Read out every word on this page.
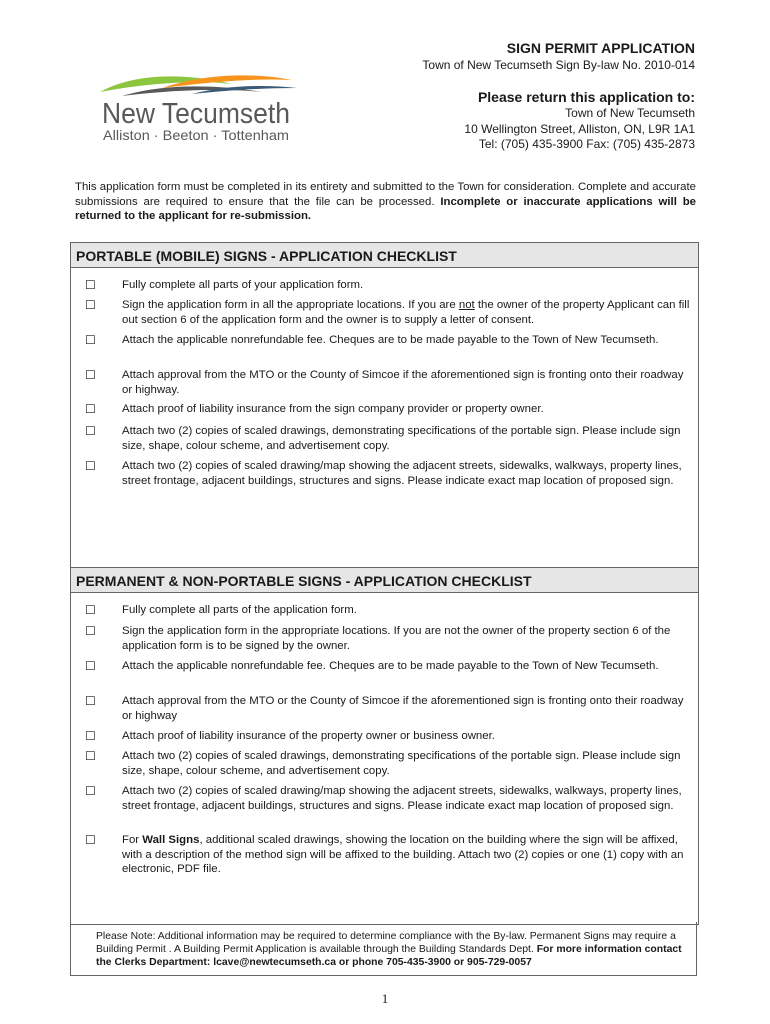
New Tecumseth
Alliston · Beeton · Tottenham
SIGN PERMIT APPLICATION
Town of New Tecumseth Sign By-law No. 2010-014
Please return this application to:
Town of New Tecumseth
10 Wellington Street, Alliston, ON, L9R 1A1
Tel: (705) 435-3900 Fax: (705) 435-2873
This application form must be completed in its entirety and submitted to the Town for consideration. Complete and accurate submissions are required to ensure that the file can be processed. Incomplete or inaccurate applications will be returned to the applicant for re-submission.
PORTABLE (MOBILE) SIGNS - APPLICATION CHECKLIST
☐ Fully complete all parts of your application form.
☐ Sign the application form in all the appropriate locations. If you are not the owner of the property Applicant can fill out section 6 of the application form and the owner is to supply a letter of consent.
☐ Attach the applicable nonrefundable fee. Cheques are to be made payable to the Town of New Tecumseth.
☐ Attach approval from the MTO or the County of Simcoe if the aforementioned sign is fronting onto their roadway or highway.
☐ Attach proof of liability insurance from the sign company provider or property owner.
☐ Attach two (2) copies of scaled drawings, demonstrating specifications of the portable sign. Please include sign size, shape, colour scheme, and advertisement copy.
☐ Attach two (2) copies of scaled drawing/map showing the adjacent streets, sidewalks, walkways, property lines, street frontage, adjacent buildings, structures and signs. Please indicate exact map location of proposed sign.
PERMANENT & NON-PORTABLE SIGNS - APPLICATION CHECKLIST
☐ Fully complete all parts of the application form.
☐ Sign the application form in the appropriate locations. If you are not the owner of the property section 6 of the application form is to be signed by the owner.
☐ Attach the applicable nonrefundable fee. Cheques are to be made payable to the Town of New Tecumseth.
☐ Attach approval from the MTO or the County of Simcoe if the aforementioned sign is fronting onto their roadway or highway
☐ Attach proof of liability insurance of the property owner or business owner.
☐ Attach two (2) copies of scaled drawings, demonstrating specifications of the portable sign. Please include sign size, shape, colour scheme, and advertisement copy.
☐ Attach two (2) copies of scaled drawing/map showing the adjacent streets, sidewalks, walkways, property lines, street frontage, adjacent buildings, structures and signs. Please indicate exact map location of proposed sign.
☐ For Wall Signs, additional scaled drawings, showing the location on the building where the sign will be affixed, with a description of the method sign will be affixed to the building. Attach two (2) copies or one (1) copy with an electronic, PDF file.
Please Note: Additional information may be required to determine compliance with the By-law. Permanent Signs may require a Building Permit . A Building Permit Application is available through the Building Standards Dept. For more information contact the Clerks Department: lcave@newtecumseth.ca or phone 705-435-3900 or 905-729-0057
1
